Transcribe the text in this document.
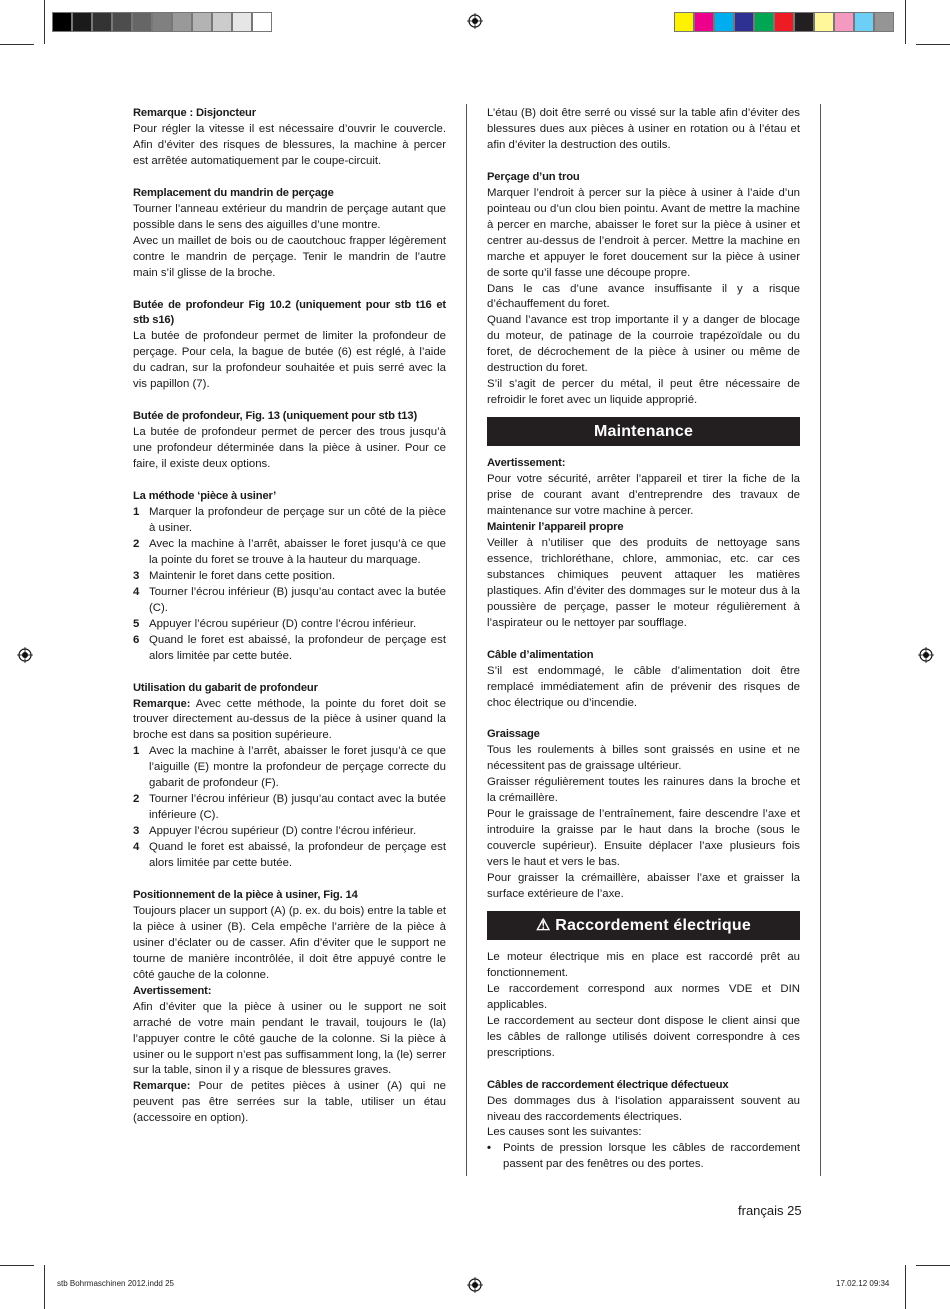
Remarque : Disjoncteur

Pour régler la vitesse il est nécessaire d’ouvrir le couvercle. Afin d’éviter des risques de blessures, la machine à percer est arrêtée automatiquement par le coupe-circuit.

Remplacement du mandrin de perçage

Tourner l’anneau extérieur du mandrin de perçage autant que possible dans le sens des aiguilles d’une montre.

Avec un maillet de bois ou de caoutchouc frapper légèrement contre le mandrin de perçage. Tenir le mandrin de l’autre main s’il glisse de la broche.

Butée de profondeur Fig 10.2 (uniquement pour stb t16 et stb s16)

La butée de profondeur permet de limiter la profondeur de perçage. Pour cela, la bague de butée (6) est réglé, à l’aide du cadran, sur la profondeur souhaitée et puis serré avec la vis papillon (7).

Butée de profondeur, Fig. 13 (uniquement pour stb t13)

La butée de profondeur permet de percer des trous jusqu’à une profondeur déterminée dans la pièce à usiner. Pour ce faire, il existe deux options.

La méthode ‘pièce à usiner’

1 Marquer la profondeur de perçage sur un côté de la pièce à usiner.
2 Avec la machine à l’arrêt, abaisser le foret jusqu’à ce que la pointe du foret se trouve à la hauteur du marquage.
3 Maintenir le foret dans cette position.
4 Tourner l’écrou inférieur (B) jusqu’au contact avec la butée (C).
5 Appuyer l’écrou supérieur (D) contre l’écrou inférieur.
6 Quand le foret est abaissé, la profondeur de perçage est alors limitée par cette butée.

Utilisation du gabarit de profondeur

Remarque: Avec cette méthode, la pointe du foret doit se trouver directement au-dessus de la pièce à usiner quand la broche est dans sa position supérieure.

1 Avec la machine à l’arrêt, abaisser le foret jusqu’à ce que l’aiguille (E) montre la profondeur de perçage correcte du gabarit de profondeur (F).
2 Tourner l’écrou inférieur (B) jusqu’au contact avec la butée inférieure (C).
3 Appuyer l’écrou supérieur (D) contre l’écrou inférieur.
4 Quand le foret est abaissé, la profondeur de perçage est alors limitée par cette butée.

Positionnement de la pièce à usiner, Fig. 14

Toujours placer un support (A) (p. ex. du bois) entre la table et la pièce à usiner (B). Cela empêche l’arrière de la pièce à usiner d’éclater ou de casser. Afin d’éviter que le support ne tourne de manière incontrôlée, il doit être appuyé contre le côté gauche de la colonne.

Avertissement:

Afin d’éviter que la pièce à usiner ou le support ne soit arraché de votre main pendant le travail, toujours le (la) l’appuyer contre le côté gauche de la colonne. Si la pièce à usiner ou le support n’est pas suffisamment long, la (le) serrer sur la table, sinon il y a risque de blessures graves.

Remarque: Pour de petites pièces à usiner (A) qui ne peuvent pas être serrées sur la table, utiliser un étau (accessoire en option).

L’étau (B) doit être serré ou vissé sur la table afin d’éviter des blessures dues aux pièces à usiner en rotation ou à l’étau et afin d’éviter la destruction des outils.

Perçage d’un trou

Marquer l’endroit à percer sur la pièce à usiner à l’aide d’un pointeau ou d’un clou bien pointu. Avant de mettre la machine à percer en marche, abaisser le foret sur la pièce à usiner et centrer au-dessus de l’endroit à percer. Mettre la machine en marche et appuyer le foret doucement sur la pièce à usiner de sorte qu’il fasse une découpe propre.

Dans le cas d’une avance insuffisante il y a risque d’échauffement du foret.

Quand l’avance est trop importante il y a danger de blocage du moteur, de patinage de la courroie trapézoïdale ou du foret, de décrochement de la pièce à usiner ou même de destruction du foret.

S’il s’agit de percer du métal, il peut être nécessaire de refroidir le foret avec un liquide approprié.

Maintenance

Avertissement:

Pour votre sécurité, arrêter l’appareil et tirer la fiche de la prise de courant avant d’entreprendre des travaux de maintenance sur votre machine à percer.

Maintenir l’appareil propre

Veiller à n’utiliser que des produits de nettoyage sans essence, trichloréthane, chlore, ammoniac, etc. car ces substances chimiques peuvent attaquer les matières plastiques. Afin d’éviter des dommages sur le moteur dus à la poussière de perçage, passer le moteur régulièrement à l’aspirateur ou le nettoyer par soufflage.

Câble d’alimentation

S’il est endommagé, le câble d’alimentation doit être remplacé immédiatement afin de prévenir des risques de choc électrique ou d’incendie.

Graissage

Tous les roulements à billes sont graissés en usine et ne nécessitent pas de graissage ultérieur.

Graisser régulièrement toutes les rainures dans la broche et la crémaillère.

Pour le graissage de l’entraînement, faire descendre l’axe et introduire la graisse par le haut dans la broche (sous le couvercle supérieur). Ensuite déplacer l’axe plusieurs fois vers le haut et vers le bas.

Pour graisser la crémaillère, abaisser l’axe et graisser la surface extérieure de l’axe.

⚠ Raccordement électrique

Le moteur électrique mis en place est raccordé prêt au fonctionnement.

Le raccordement correspond aux normes VDE et DIN applicables.

Le raccordement au secteur dont dispose le client ainsi que les câbles de rallonge utilisés doivent correspondre à ces prescriptions.

Câbles de raccordement électrique défectueux

Des dommages dus à l‘isolation apparaissent souvent au niveau des raccordements électriques.

Les causes sont les suivantes:

• Points de pression lorsque les câbles de raccordement passent par des fenêtres ou des portes.
français 25
stb Bohrmaschinen 2012.indd 25	17.02.12 09:34
